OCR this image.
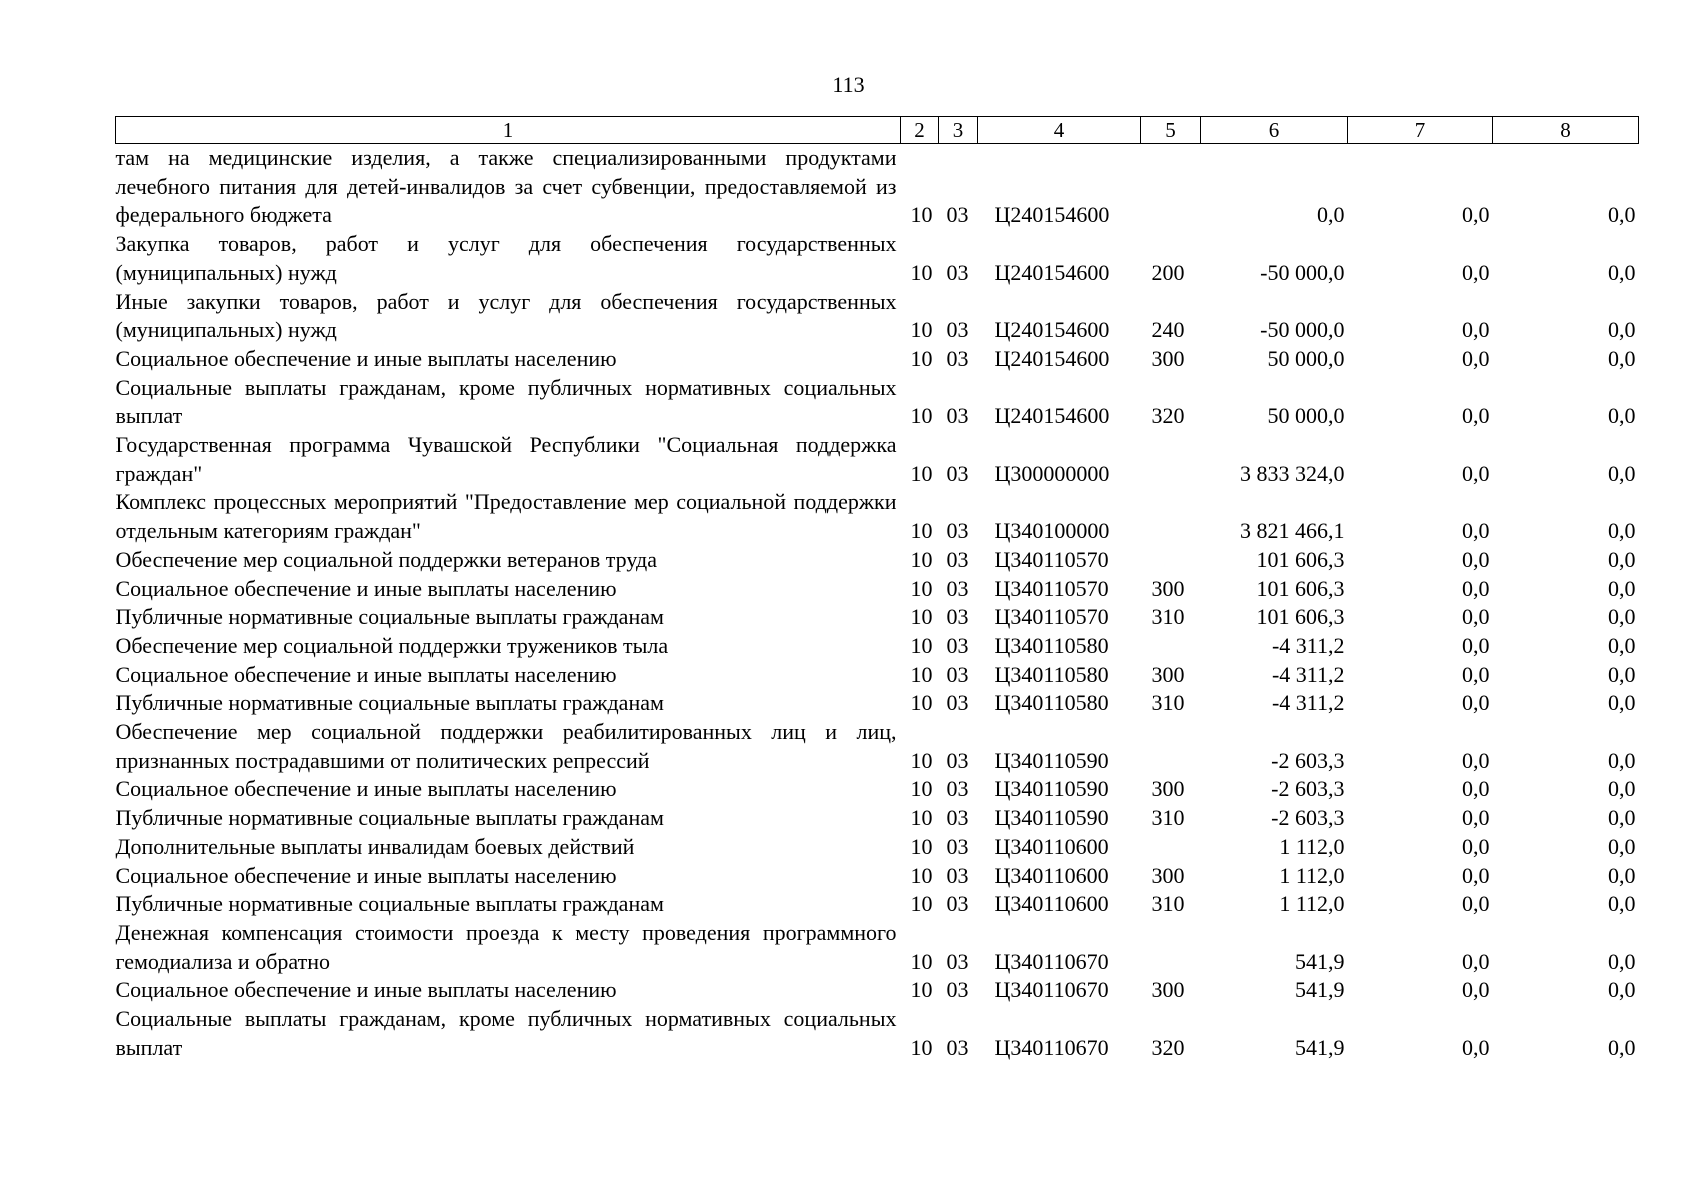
113
1	2	3	4	5	6	7	8

там на медицинские изделия, а также специализированными продуктами лечебного питания для детей-инвалидов за счет субвенции, предоставляемой из федерального бюджета	10	03	Ц240154600		0,0	0,0	0,0

Закупка товаров, работ и услуг для обеспечения государственных (муниципальных) нужд	10	03	Ц240154600	200	-50 000,0	0,0	0,0

Иные закупки товаров, работ и услуг для обеспечения государственных (муниципальных) нужд	10	03	Ц240154600	240	-50 000,0	0,0	0,0

Социальное обеспечение и иные выплаты населению	10	03	Ц240154600	300	50 000,0	0,0	0,0

Социальные выплаты гражданам, кроме публичных нормативных социальных выплат	10	03	Ц240154600	320	50 000,0	0,0	0,0

Государственная программа Чувашской Республики "Социальная поддержка граждан"	10	03	Ц300000000		3 833 324,0	0,0	0,0

Комплекс процессных мероприятий "Предоставление мер социальной поддержки отдельным категориям граждан"	10	03	Ц340100000		3 821 466,1	0,0	0,0

Обеспечение мер социальной поддержки ветеранов труда	10	03	Ц340110570		101 606,3	0,0	0,0

Социальное обеспечение и иные выплаты населению	10	03	Ц340110570	300	101 606,3	0,0	0,0

Публичные нормативные социальные выплаты гражданам	10	03	Ц340110570	310	101 606,3	0,0	0,0

Обеспечение мер социальной поддержки тружеников тыла	10	03	Ц340110580		-4 311,2	0,0	0,0

Социальное обеспечение и иные выплаты населению	10	03	Ц340110580	300	-4 311,2	0,0	0,0

Публичные нормативные социальные выплаты гражданам	10	03	Ц340110580	310	-4 311,2	0,0	0,0

Обеспечение мер социальной поддержки реабилитированных лиц и лиц, признанных пострадавшими от политических репрессий	10	03	Ц340110590		-2 603,3	0,0	0,0

Социальное обеспечение и иные выплаты населению	10	03	Ц340110590	300	-2 603,3	0,0	0,0

Публичные нормативные социальные выплаты гражданам	10	03	Ц340110590	310	-2 603,3	0,0	0,0

Дополнительные выплаты инвалидам боевых действий	10	03	Ц340110600		1 112,0	0,0	0,0

Социальное обеспечение и иные выплаты населению	10	03	Ц340110600	300	1 112,0	0,0	0,0

Публичные нормативные социальные выплаты гражданам	10	03	Ц340110600	310	1 112,0	0,0	0,0

Денежная компенсация стоимости проезда к месту проведения программного гемодиализа и обратно	10	03	Ц340110670		541,9	0,0	0,0

Социальное обеспечение и иные выплаты населению	10	03	Ц340110670	300	541,9	0,0	0,0

Социальные выплаты гражданам, кроме публичных нормативных социальных выплат	10	03	Ц340110670	320	541,9	0,0	0,0
